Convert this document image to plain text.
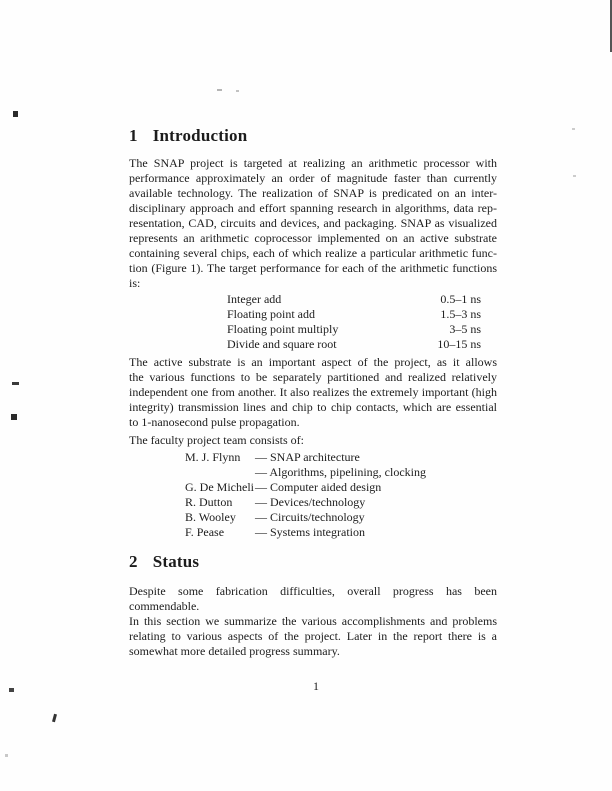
1 Introduction
The SNAP project is targeted at realizing an arithmetic processor with
performance approximately an order of magnitude faster than currently
available technology. The realization of SNAP is predicated on an inter-
disciplinary approach and effort spanning research in algorithms, data rep-
resentation, CAD, circuits and devices, and packaging. SNAP as visualized
represents an arithmetic coprocessor implemented on an active substrate
containing several chips, each of which realize a particular arithmetic func-
tion (Figure 1). The target performance for each of the arithmetic functions
is:
Integer add	0.5–1 ns
Floating point add	1.5–3 ns
Floating point multiply	3–5 ns
Divide and square root	10–15 ns
The active substrate is an important aspect of the project, as it allows
the various functions to be separately partitioned and realized relatively
independent one from another. It also realizes the extremely important (high
integrity) transmission lines and chip to chip contacts, which are essential
to 1-nanosecond pulse propagation.
The faculty project team consists of:
M. J. Flynn	— SNAP architecture
— Algorithms, pipelining, clocking
G. De Micheli — Computer aided design
R. Dutton	— Devices/technology
B. Wooley	— Circuits/technology
F. Pease	— Systems integration
2 Status
Despite some fabrication difficulties, overall progress has been commendable.
In this section we summarize the various accomplishments and problems
relating to various aspects of the project. Later in the report there is a
somewhat more detailed progress summary.
1
